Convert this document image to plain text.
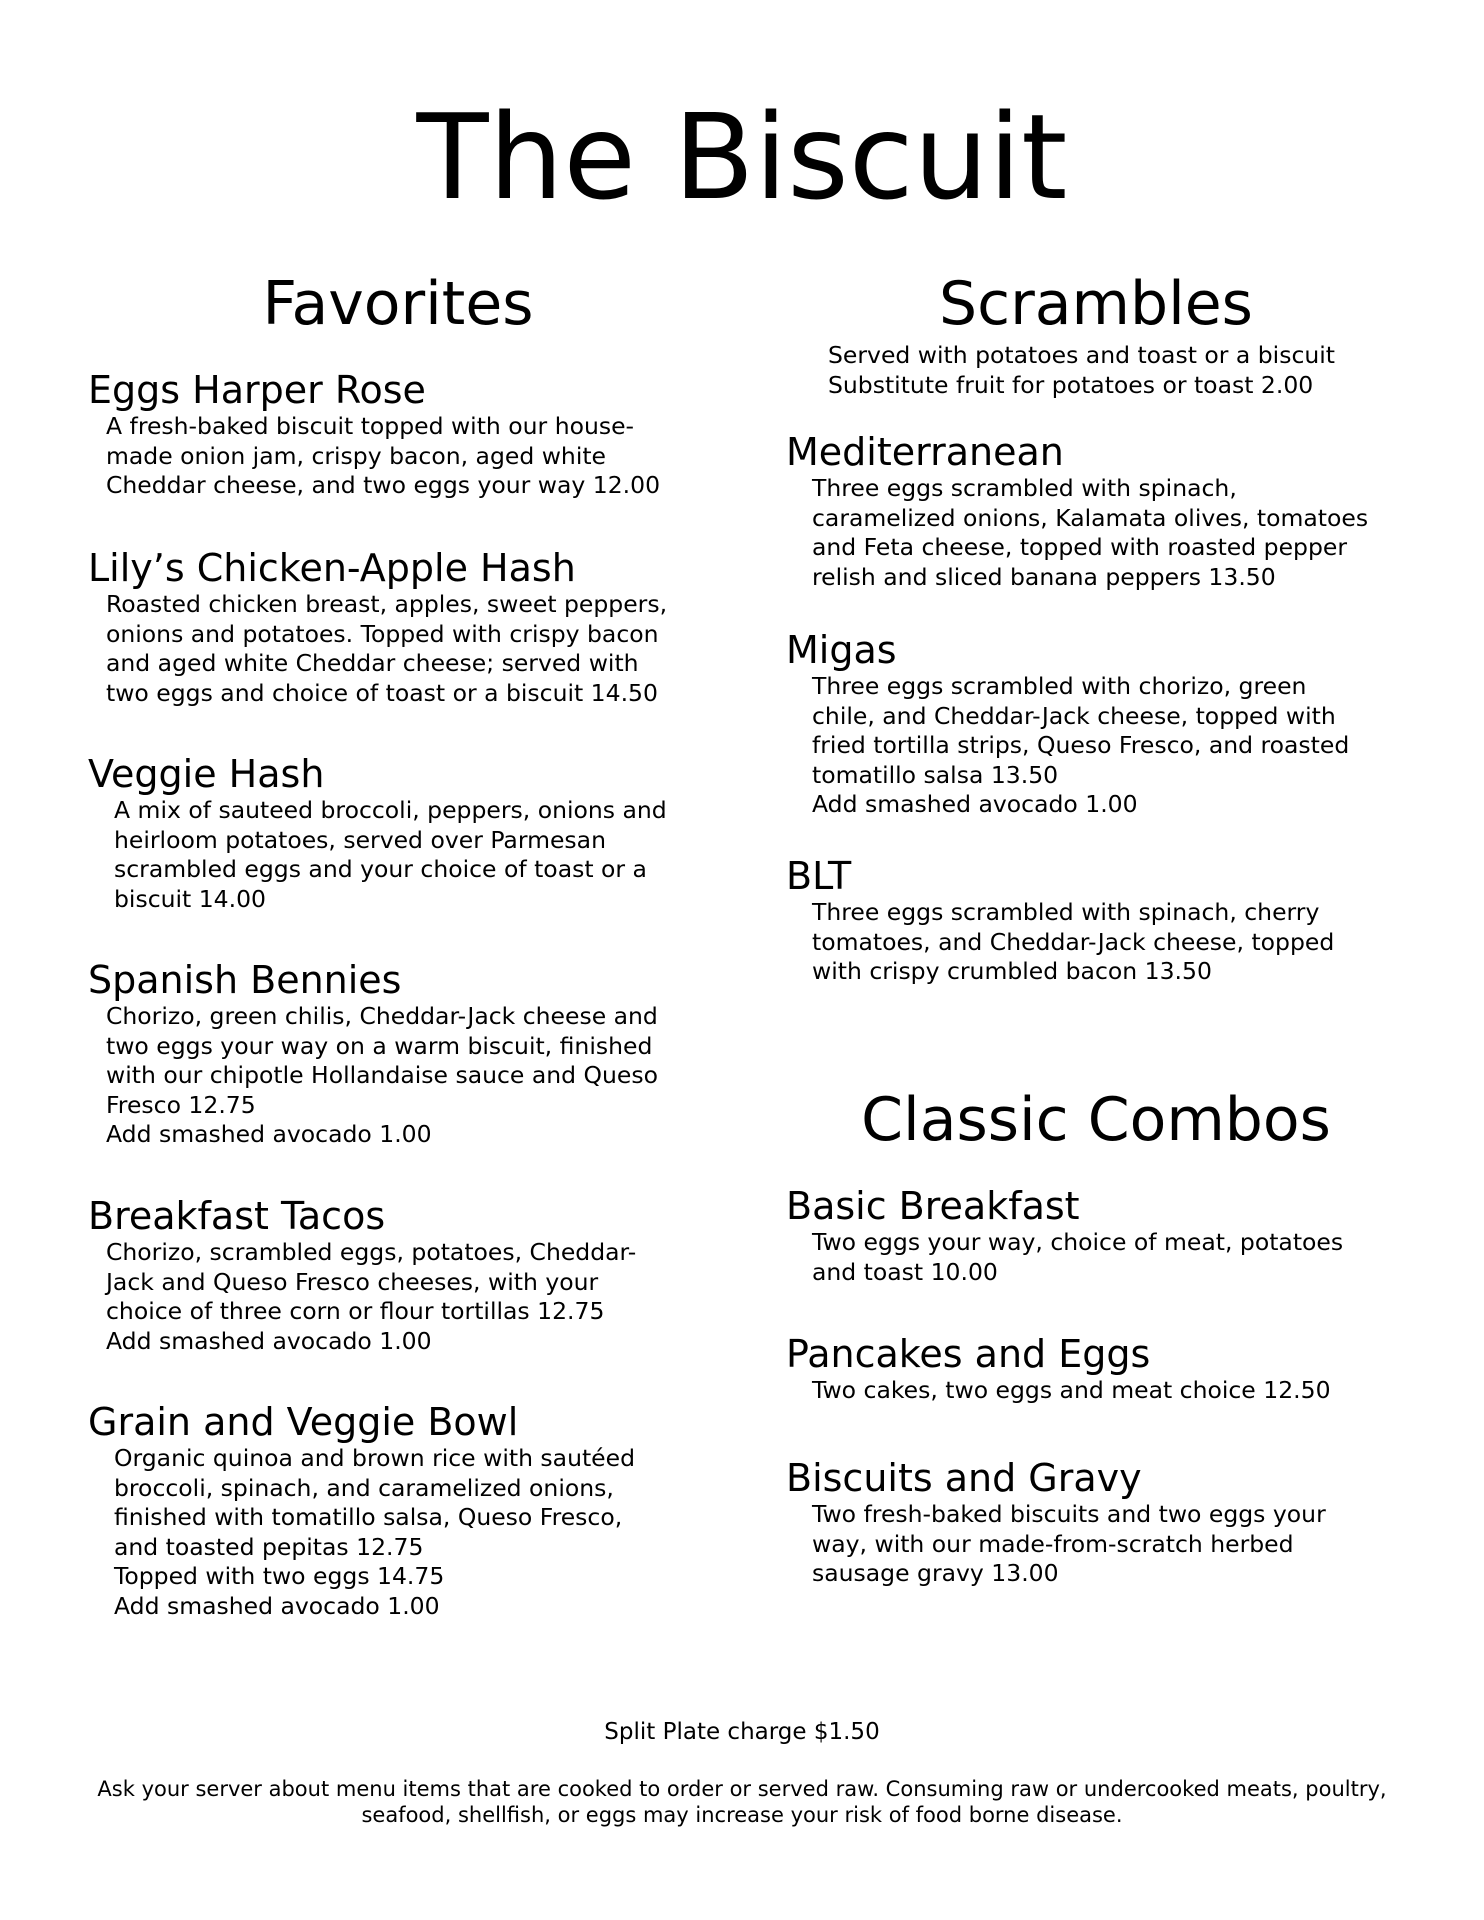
The Biscuit
Favorites
Eggs Harper Rose

A fresh-baked biscuit topped with our house-
made onion jam, crispy bacon, aged white
Cheddar cheese, and two eggs your way 12.00

Lily’s Chicken-Apple Hash

Roasted chicken breast, apples, sweet peppers,
onions and potatoes. Topped with crispy bacon
and aged white Cheddar cheese; served with
two eggs and choice of toast or a biscuit 14.50

Veggie Hash

A mix of sauteed broccoli, peppers, onions and
heirloom potatoes, served over Parmesan
scrambled eggs and your choice of toast or a
biscuit 14.00

Spanish Bennies

Chorizo, green chilis, Cheddar-Jack cheese and
two eggs your way on a warm biscuit, finished
with our chipotle Hollandaise sauce and Queso
Fresco 12.75
Add smashed avocado 1.00

Breakfast Tacos

Chorizo, scrambled eggs, potatoes, Cheddar-
Jack and Queso Fresco cheeses, with your
choice of three corn or flour tortillas 12.75
Add smashed avocado 1.00

Grain and Veggie Bowl

Organic quinoa and brown rice with sautéed
broccoli, spinach, and caramelized onions,
finished with tomatillo salsa, Queso Fresco,
and toasted pepitas 12.75
Topped with two eggs 14.75
Add smashed avocado 1.00

Scrambles
Served with potatoes and toast or a biscuit
Substitute fruit for potatoes or toast 2.00
Mediterranean

Three eggs scrambled with spinach,
caramelized onions, Kalamata olives, tomatoes
and Feta cheese, topped with roasted pepper
relish and sliced banana peppers 13.50

Migas

Three eggs scrambled with chorizo, green
chile, and Cheddar-Jack cheese, topped with
fried tortilla strips, Queso Fresco, and roasted
tomatillo salsa 13.50
Add smashed avocado 1.00

BLT

Three eggs scrambled with spinach, cherry
tomatoes, and Cheddar-Jack cheese, topped
with crispy crumbled bacon 13.50

Classic Combos
Basic Breakfast

Two eggs your way, choice of meat, potatoes
and toast 10.00

Pancakes and Eggs

Two cakes, two eggs and meat choice 12.50

Biscuits and Gravy

Two fresh-baked biscuits and two eggs your
way, with our made-from-scratch herbed
sausage gravy 13.00

Split Plate charge $1.50
Ask your server about menu items that are cooked to order or served raw. Consuming raw or undercooked meats, poultry, seafood, shellfish, or eggs may increase your risk of food borne disease.
